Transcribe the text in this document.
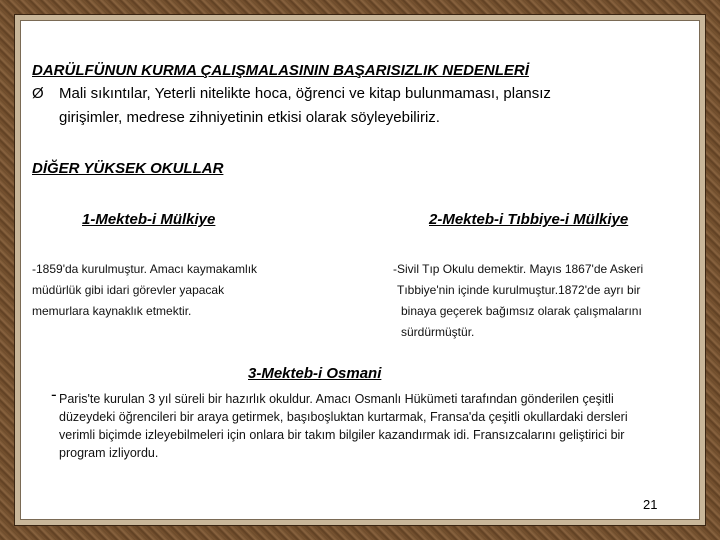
DARÜLFÜNUN KURMA ÇALIŞMALASININ BAŞARISIZLIK NEDENLERİ
Ø Mali sıkıntılar, Yeterli nitelikte hoca, öğrenci ve kitap bulunmaması, plansız
girişimler, medrese zihniyetinin etkisi olarak söyleyebiliriz.
DİĞER YÜKSEK OKULLAR
1-Mekteb-i Mülkiye
-1859'da kurulmuştur. Amacı kaymakamlık
müdürlük gibi idari görevler yapacak
memurlara kaynaklık etmektir.
2-Mekteb-i Tıbbiye-i Mülkiye
-Sivil Tıp Okulu demektir. Mayıs 1867'de Askeri
Tıbbiye'nin içinde kurulmuştur.1872'de ayrı bir
binaya geçerek bağımsız olarak çalışmalarını
sürdürmüştür.
3-Mekteb-i Osmani
- Paris'te kurulan 3 yıl süreli bir hazırlık okuldur. Amacı Osmanlı Hükümeti tarafından gönderilen çeşitli
düzeydeki öğrencileri bir araya getirmek, başıboşluktan kurtarmak, Fransa'da çeşitli okullardaki dersleri
verimli biçimde izleyebilmeleri için onlara bir takım bilgiler kazandırmak idi. Fransızcalarını geliştirici bir
program izliyordu.
21
